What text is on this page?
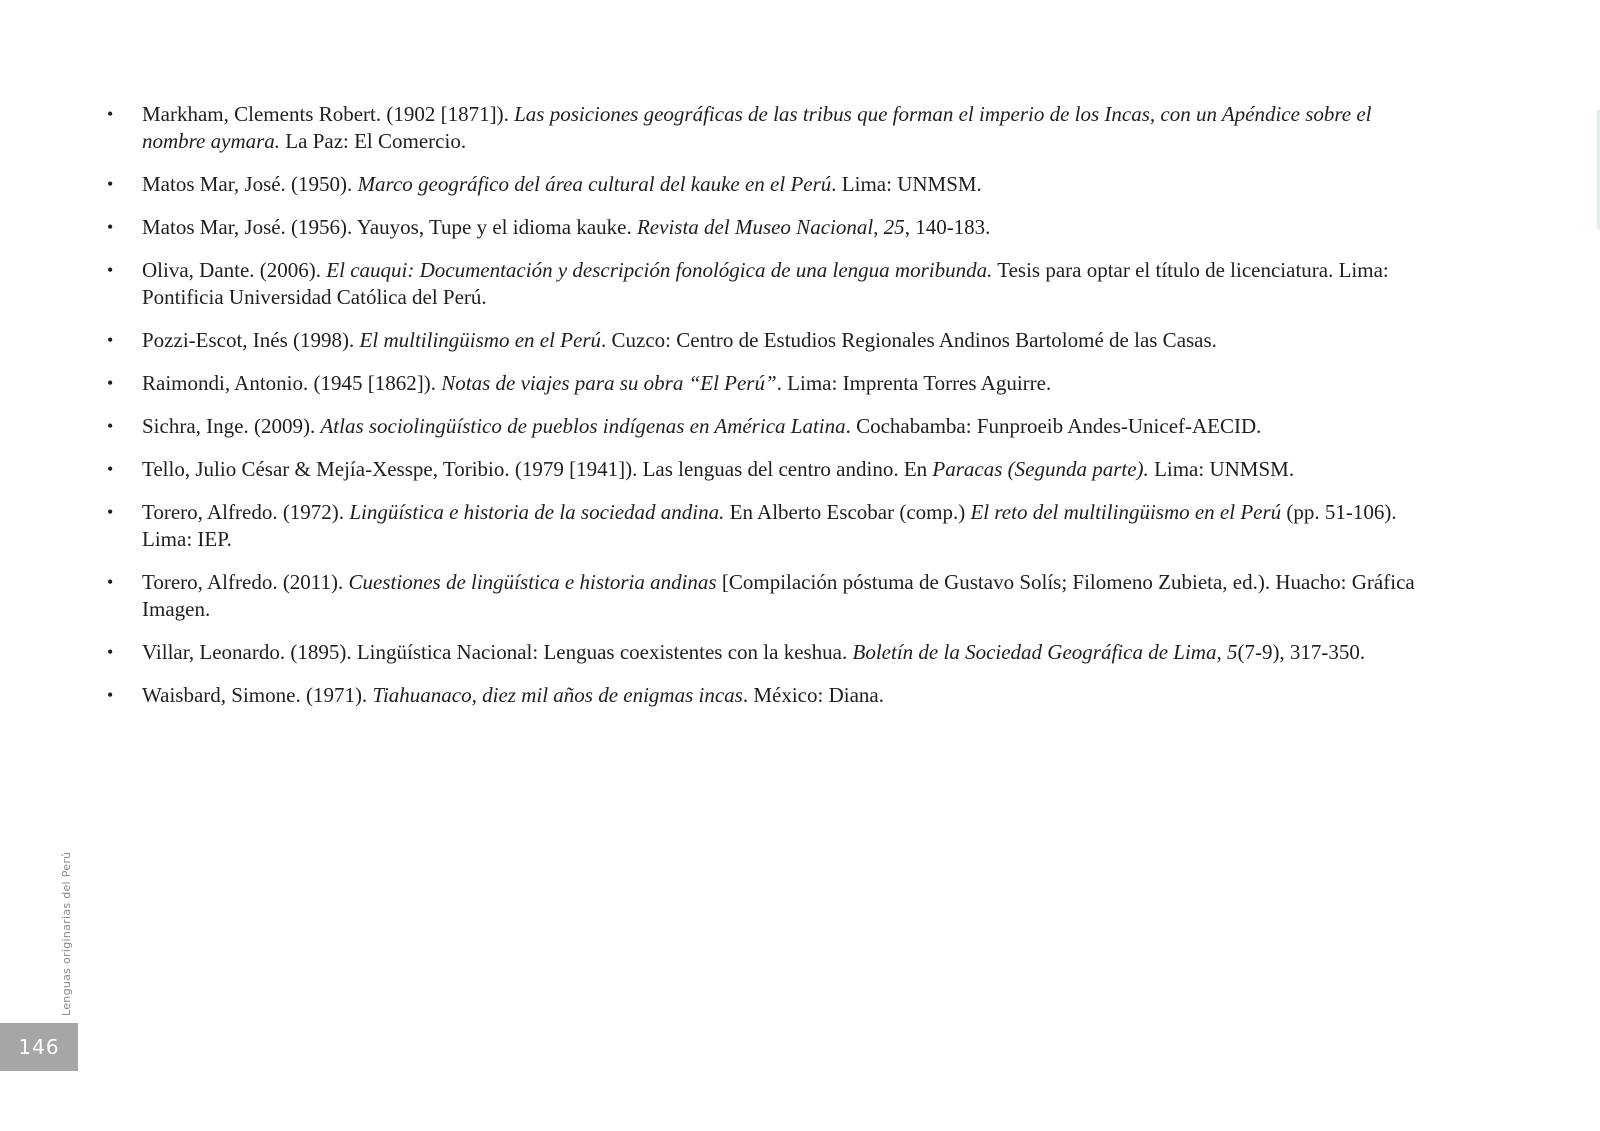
• Markham, Clements Robert. (1902 [1871]). Las posiciones geográficas de las tribus que forman el imperio de los Incas, con un Apéndice sobre el nombre aymara. La Paz: El Comercio.
• Matos Mar, José. (1950). Marco geográfico del área cultural del kauke en el Perú. Lima: UNMSM.
• Matos Mar, José. (1956). Yauyos, Tupe y el idioma kauke. Revista del Museo Nacional, 25, 140-183.
• Oliva, Dante. (2006). El cauqui: Documentación y descripción fonológica de una lengua moribunda. Tesis para optar el título de licenciatura. Lima: Pontificia Universidad Católica del Perú.
• Pozzi-Escot, Inés (1998). El multilingüismo en el Perú. Cuzco: Centro de Estudios Regionales Andinos Bartolomé de las Casas.
• Raimondi, Antonio. (1945 [1862]). Notas de viajes para su obra “El Perú”. Lima: Imprenta Torres Aguirre.
• Sichra, Inge. (2009). Atlas sociolingüístico de pueblos indígenas en América Latina. Cochabamba: Funproeib Andes-Unicef-AECID.
• Tello, Julio César & Mejía-Xesspe, Toribio. (1979 [1941]). Las lenguas del centro andino. En Paracas (Segunda parte). Lima: UNMSM.
• Torero, Alfredo. (1972). Lingüística e historia de la sociedad andina. En Alberto Escobar (comp.) El reto del multilingüismo en el Perú (pp. 51-106). Lima: IEP.
• Torero, Alfredo. (2011). Cuestiones de lingüística e historia andinas [Compilación póstuma de Gustavo Solís; Filomeno Zubieta, ed.). Huacho: Gráfica Imagen.
• Villar, Leonardo. (1895). Lingüística Nacional: Lenguas coexistentes con la keshua. Boletín de la Sociedad Geográfica de Lima, 5(7-9), 317-350.
• Waisbard, Simone. (1971). Tiahuanaco, diez mil años de enigmas incas. México: Diana.
Lenguas originarias del Perú
146
